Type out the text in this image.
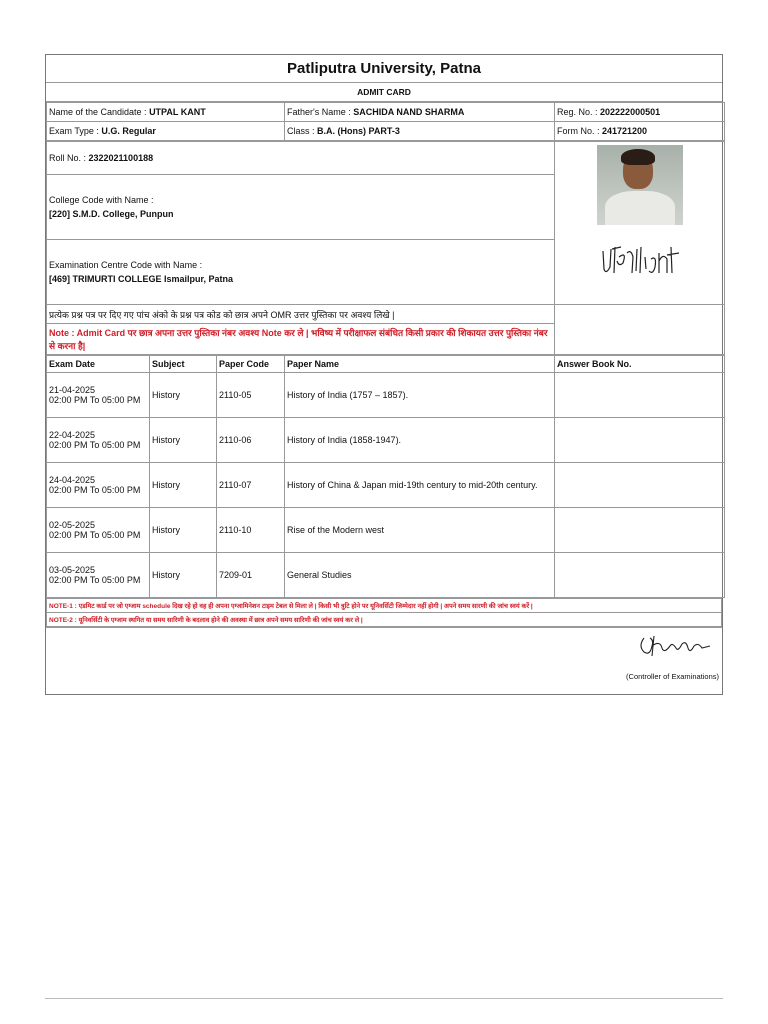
Patliputra University, Patna
ADMIT CARD
Name of the Candidate : UTPAL KANT	Father's Name : SACHIDA NAND SHARMA	Reg. No. : 202222000501
Exam Type : U.G. Regular	Class : B.A. (Hons) PART-3	Form No. : 241721200
Roll No. : 2322021100188	

College Code with Name :
[220] S.M.D. College, Punpun	

Examination Centre Code with Name :
[469] TRIMURTI COLLEGE Ismailpur, Patna	
प्रत्येक प्रश्न पत्र पर दिए गए पांच अंको के प्रश्न पत्र कोड को छात्र अपने OMR उत्तर पुस्तिका पर अवश्य लिखे |	
Note : Admit Card पर छात्र अपना उत्तर पुस्तिका नंबर अवश्य Note कर ले | भविष्य में परीक्षाफल संबंधित किसी प्रकार की शिकायत उत्तर पुस्तिका नंबर से करना है|	
Exam Date	Subject	Paper Code	Paper Name	Answer Book No.

21-04-2025
02:00 PM To 05:00 PM	History	2110-05	History of India (1757 – 1857).	

22-04-2025
02:00 PM To 05:00 PM	History	2110-06	History of India (1858-1947).	

24-04-2025
02:00 PM To 05:00 PM	History	2110-07	History of China & Japan mid-19th century to mid-20th century.	

02-05-2025
02:00 PM To 05:00 PM	History	2110-10	Rise of the Modern west	

03-05-2025
02:00 PM To 05:00 PM	History	7209-01	General Studies	
NOTE-1 : एडमिट कार्ड पर जो एग्जाम schedule दिख रहे हो वह ही अपना एग्जामिनेशन टाइम टेबल से मिला ले | किसी भी त्रुटि होने पर यूनिवर्सिटी जिम्मेदार नहीं होगी | अपने समय सारणी की जांच स्वयं करें |
NOTE-2 : यूनिवर्सिटी के एग्जाम स्थगित या समय सारिणी के बदलाव होने की अवस्था में छात्र अपने समय सारिणी की जांच स्वयं कर ले |
(Controller of Examinations)
